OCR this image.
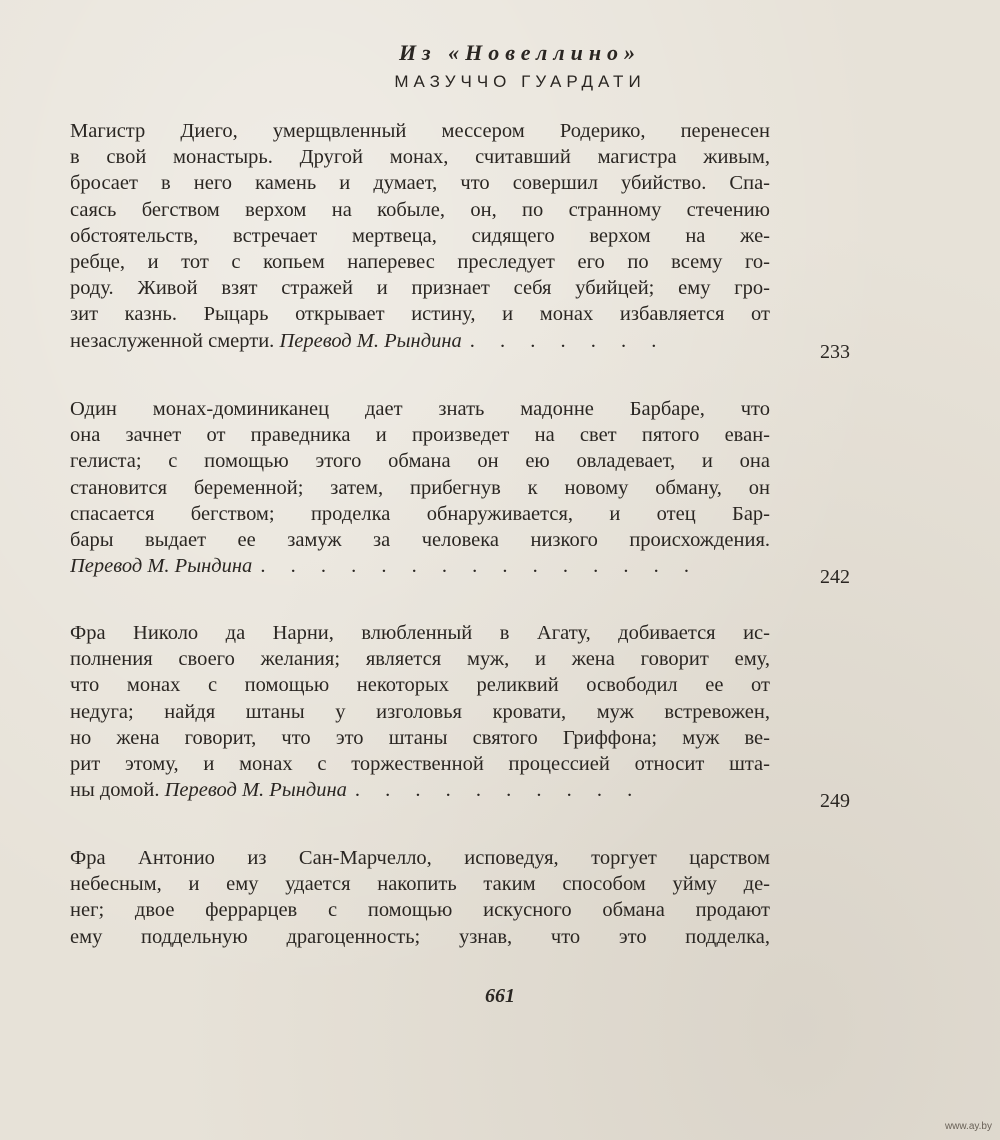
Из «Новеллино»
МАЗУЧЧО ГУАРДАТИ
Магистр Диего, умерщвленный мессером Родерико, перенесен
в свой монастырь. Другой монах, считавший магистра живым,
бросает в него камень и думает, что совершил убийство. Спа-
саясь бегством верхом на кобыле, он, по странному стечению
обстоятельств, встречает мертвеца, сидящего верхом на же-
ребце, и тот с копьем наперевес преследует его по всему го-
роду. Живой взят стражей и признает себя убийцей; ему гро-
зит казнь. Рыцарь открывает истину, и монах избавляется от
незаслуженной смерти. Перевод М. Рындина . . . . . . .
233
Один монах-доминиканец дает знать мадонне Барбаре, что
она зачнет от праведника и произведет на свет пятого еван-
гелиста; с помощью этого обмана он ею овладевает, и она
становится беременной; затем, прибегнув к новому обману, он
спасается бегством; проделка обнаруживается, и отец Бар-
бары выдает ее замуж за человека низкого происхождения.
Перевод М. Рындина . . . . . . . . . . . . . . .	242
Фра Николо да Нарни, влюбленный в Агату, добивается ис-
полнения своего желания; является муж, и жена говорит ему,
что монах с помощью некоторых реликвий освободил ее от
недуга; найдя штаны у изголовья кровати, муж встревожен,
но жена говорит, что это штаны святого Гриффона; муж ве-
рит этому, и монах с торжественной процессией относит шта-
ны домой. Перевод М. Рындина . . . . . . . . . .	249
Фра Антонио из Сан-Марчелло, исповедуя, торгует царством
небесным, и ему удается накопить таким способом уйму де-
нег; двое феррарцев с помощью искусного обмана продают
ему поддельную драгоценность; узнав, что это подделка,
661
www.ay.by
